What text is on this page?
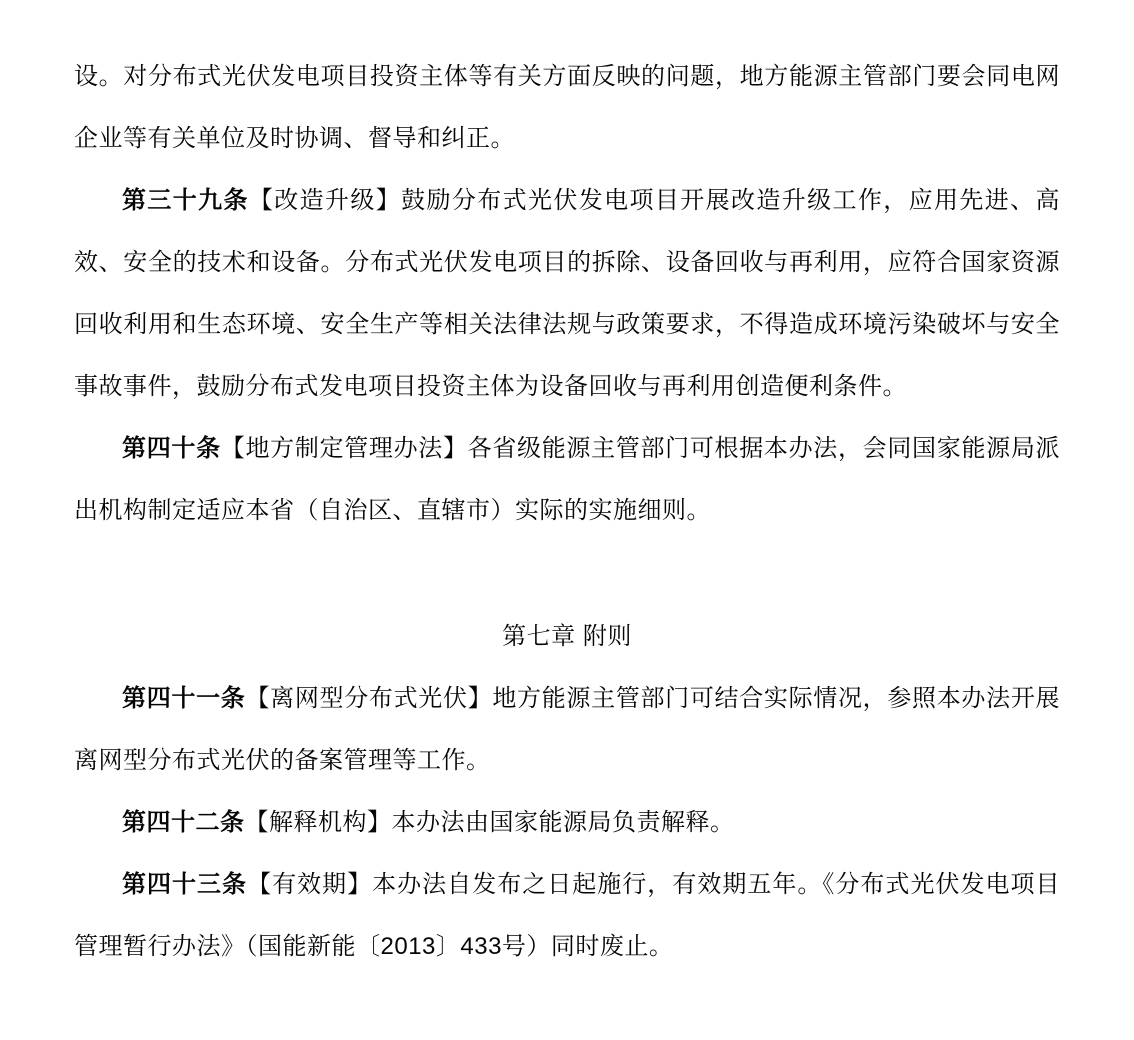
设。对分布式光伏发电项目投资主体等有关方面反映的问题，地方能源主管部门要会同电网企业等有关单位及时协调、督导和纠正。

第三十九条【改造升级】鼓励分布式光伏发电项目开展改造升级工作，应用先进、高效、安全的技术和设备。分布式光伏发电项目的拆除、设备回收与再利用，应符合国家资源回收利用和生态环境、安全生产等相关法律法规与政策要求，不得造成环境污染破坏与安全事故事件，鼓励分布式发电项目投资主体为设备回收与再利用创造便利条件。

第四十条【地方制定管理办法】各省级能源主管部门可根据本办法，会同国家能源局派出机构制定适应本省（自治区、直辖市）实际的实施细则。

第七章 附则

第四十一条【离网型分布式光伏】地方能源主管部门可结合实际情况，参照本办法开展离网型分布式光伏的备案管理等工作。

第四十二条【解释机构】本办法由国家能源局负责解释。

第四十三条【有效期】本办法自发布之日起施行，有效期五年。《分布式光伏发电项目管理暂行办法》（国能新能〔2013〕433号）同时废止。
